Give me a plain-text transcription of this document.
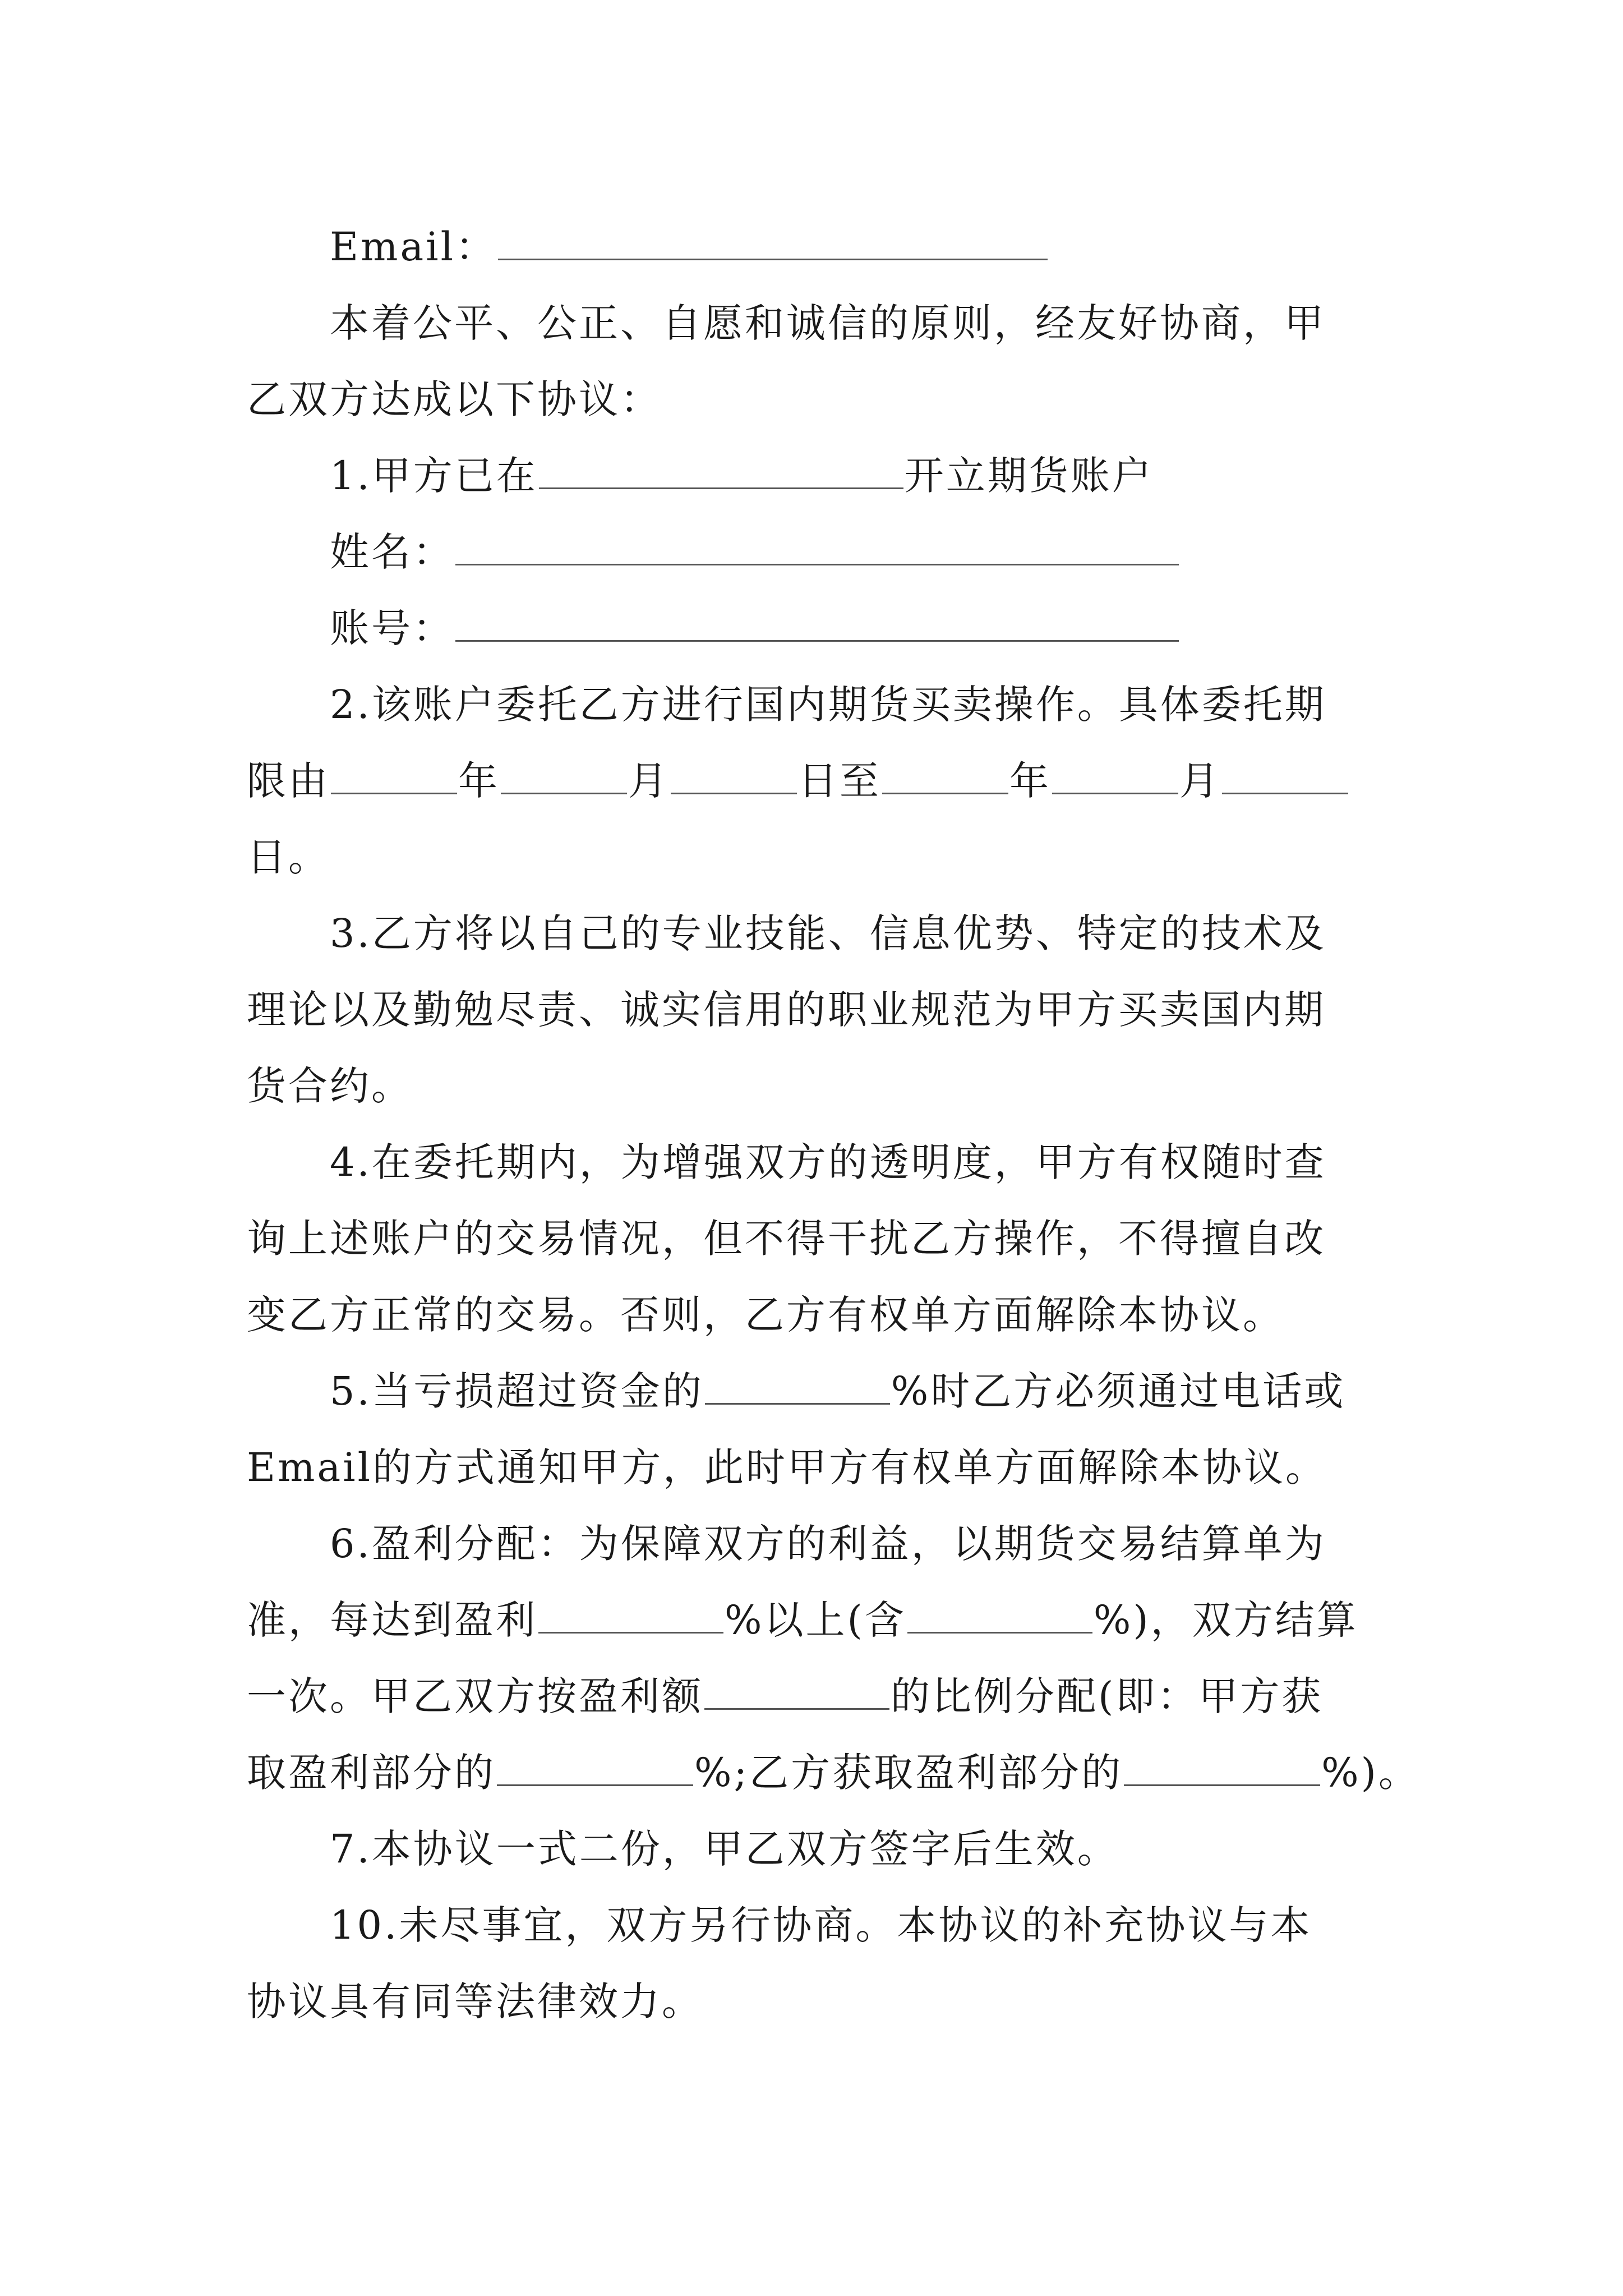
Email：
本着公平、公正、自愿和诚信的原则，经友好协商，甲
乙双方达成以下协议：
1.甲方已在	开立期货账户
姓名：
账号：
2.该账户委托乙方进行国内期货买卖操作。具体委托期
限由	年	月	日至	年	月
日。
3.乙方将以自己的专业技能、信息优势、特定的技术及
理论以及勤勉尽责、诚实信用的职业规范为甲方买卖国内期
货合约。
4.在委托期内，为增强双方的透明度，甲方有权随时查
询上述账户的交易情况，但不得干扰乙方操作，不得擅自改
变乙方正常的交易。否则，乙方有权单方面解除本协议。
5.当亏损超过资金的	%时乙方必须通过电话或
Email的方式通知甲方，此时甲方有权单方面解除本协议。
6.盈利分配：为保障双方的利益，以期货交易结算单为
准，每达到盈利	%以上(含	%)，双方结算
一次。甲乙双方按盈利额	的比例分配(即：甲方获
取盈利部分的	%;乙方获取盈利部分的	%)。
7.本协议一式二份，甲乙双方签字后生效。
10.未尽事宜，双方另行协商。本协议的补充协议与本
协议具有同等法律效力。
